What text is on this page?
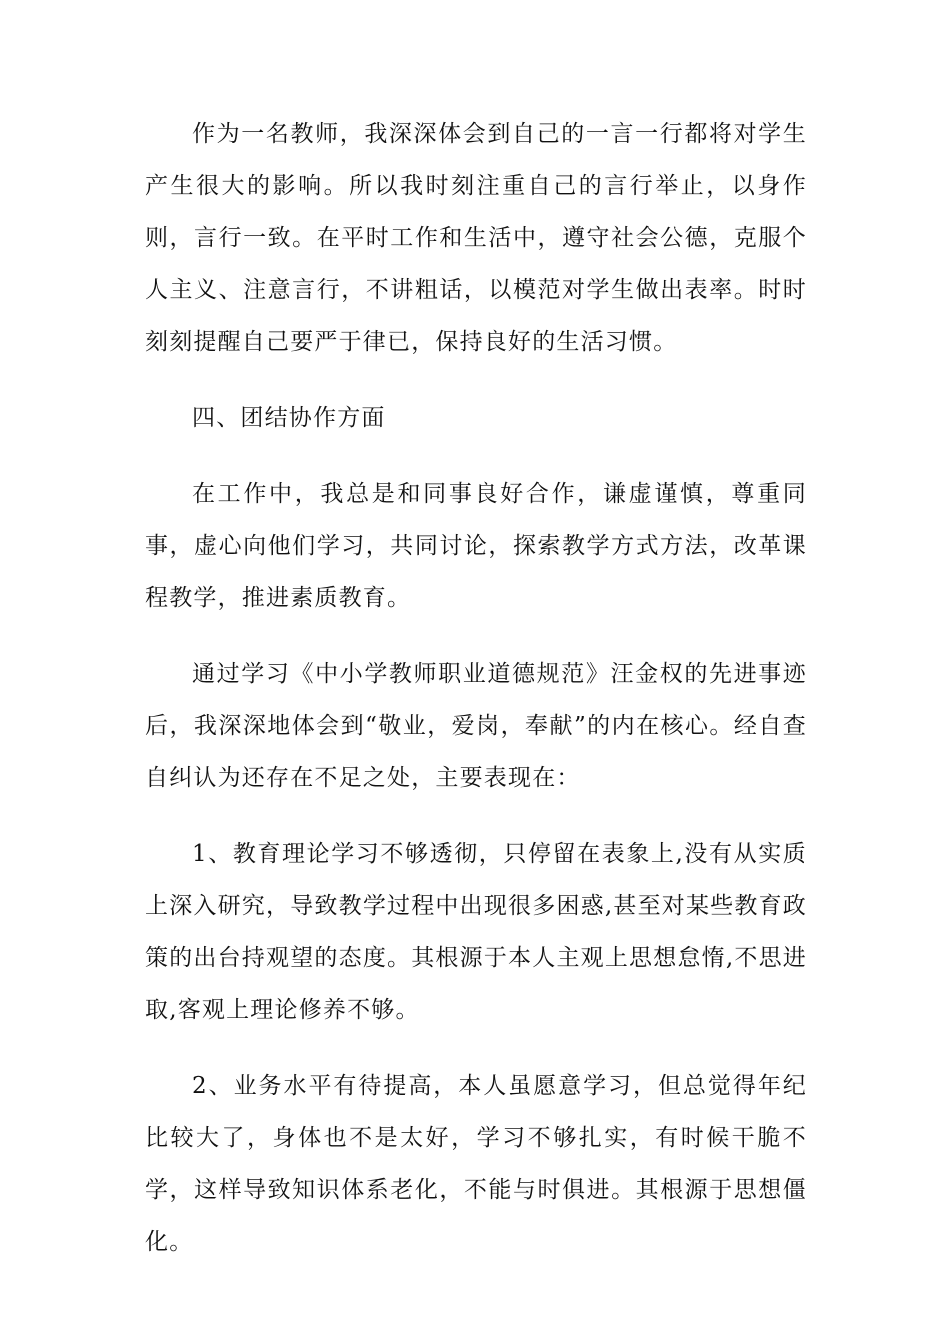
作为一名教师，我深深体会到自己的一言一行都将对学生产生很大的影响。所以我时刻注重自己的言行举止，以身作则，言行一致。在平时工作和生活中，遵守社会公德，克服个人主义、注意言行，不讲粗话，以模范对学生做出表率。时时刻刻提醒自己要严于律已，保持良好的生活习惯。

四、团结协作方面

在工作中，我总是和同事良好合作，谦虚谨慎，尊重同事，虚心向他们学习，共同讨论，探索教学方式方法，改革课程教学，推进素质教育。

通过学习《中小学教师职业道德规范》汪金权的先进事迹后，我深深地体会到“敬业，爱岗，奉献”的内在核心。经自查自纠认为还存在不足之处，主要表现在：

1、教育理论学习不够透彻，只停留在表象上,没有从实质上深入研究，导致教学过程中出现很多困惑,甚至对某些教育政策的出台持观望的态度。其根源于本人主观上思想怠惰,不思进取,客观上理论修养不够。

2、业务水平有待提高，本人虽愿意学习，但总觉得年纪比较大了，身体也不是太好，学习不够扎实，有时候干脆不学，这样导致知识体系老化，不能与时俱进。其根源于思想僵化。
